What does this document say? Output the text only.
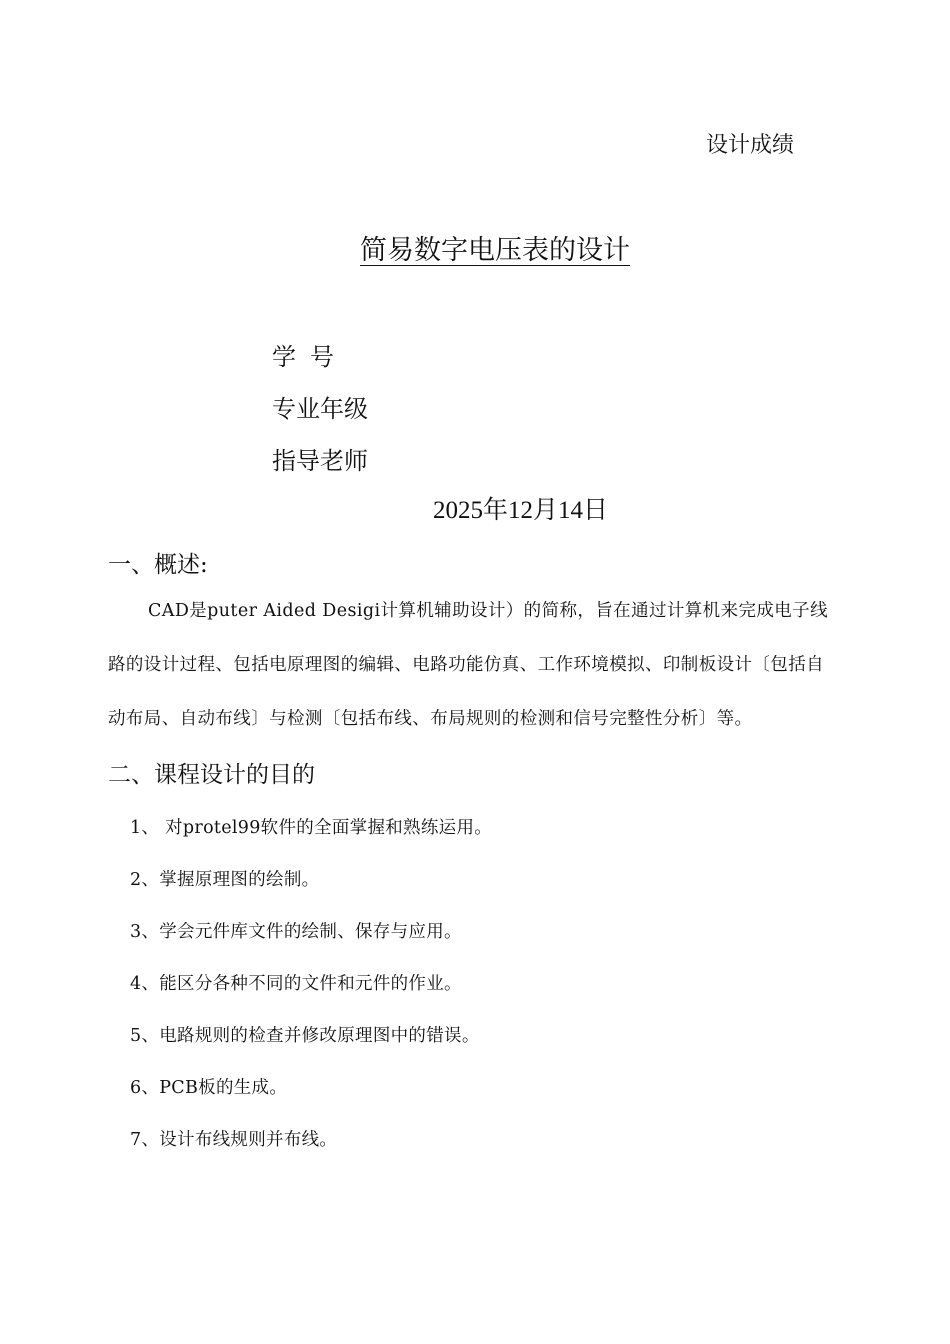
设计成绩
简易数字电压表的设计
学号
专业年级
指导老师
2025年12月14日
一、概述:
CAD是puter Aided Desigi计算机辅助设计）的简称，旨在通过计算机来完成电子线
路的设计过程、包括电原理图的编辑、电路功能仿真、工作环境模拟、印制板设计〔包括自
动布局、自动布线〕与检测〔包括布线、布局规则的检测和信号完整性分析〕等。
二、课程设计的目的
1、 对protel99软件的全面掌握和熟练运用。
2、掌握原理图的绘制。
3、学会元件库文件的绘制、保存与应用。
4、能区分各种不同的文件和元件的作业。
5、电路规则的检查并修改原理图中的错误。
6、PCB板的生成。
7、设计布线规则并布线。
